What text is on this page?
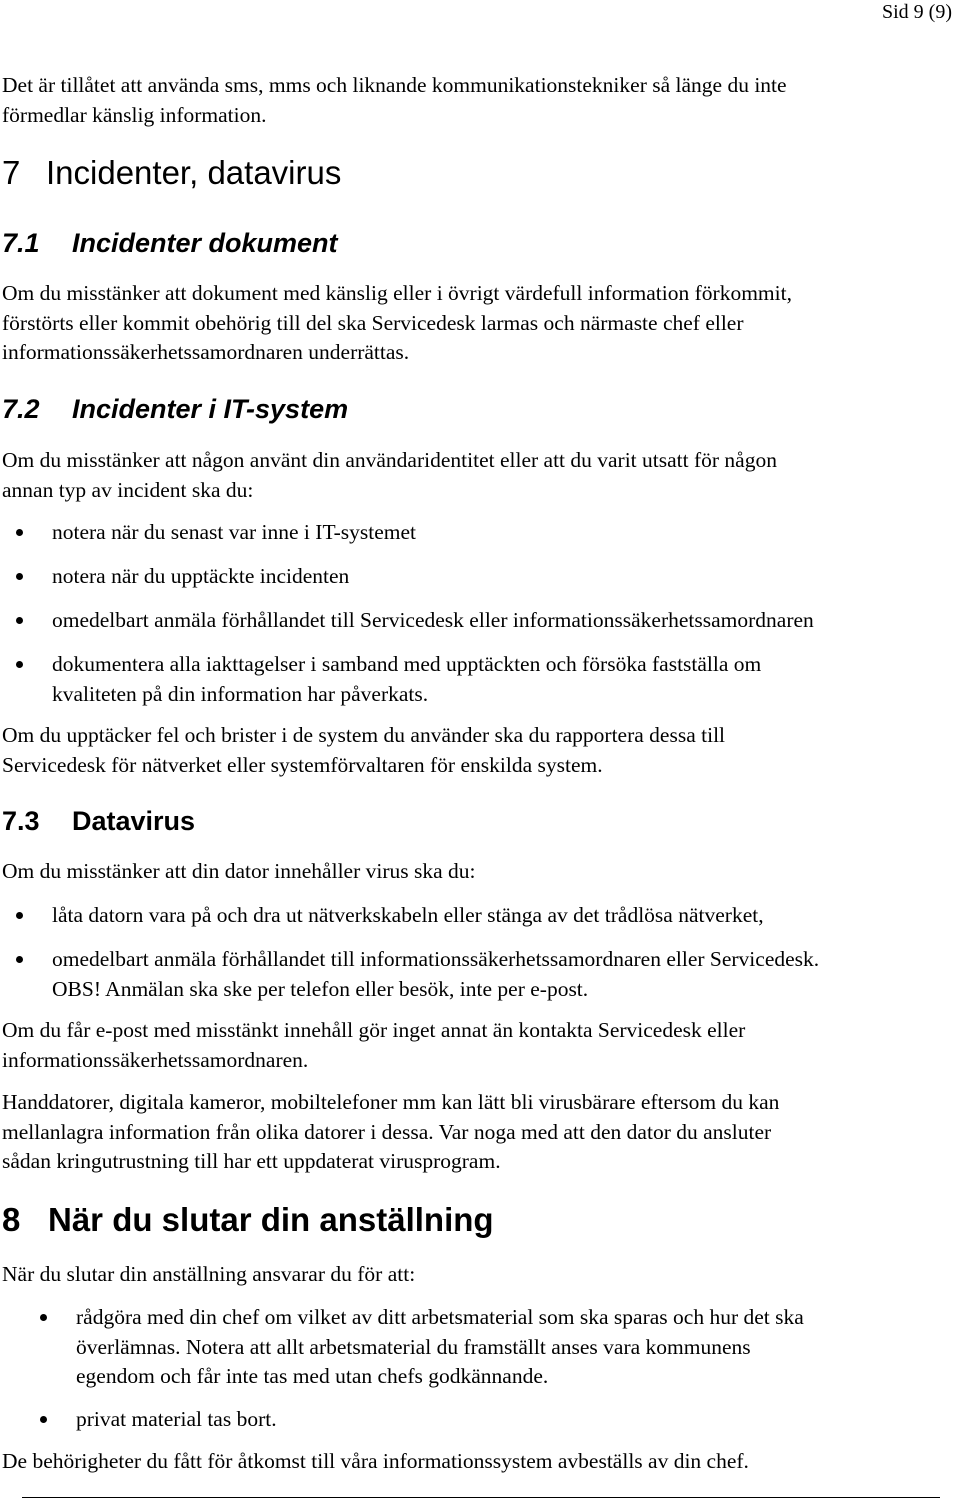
Sid 9 (9)

Det är tillåtet att använda sms, mms och liknande kommunikationstekniker så länge du inte

förmedlar känslig information.

7 Incidenter, datavirus

7.1 Incidenter dokument

Om du misstänker att dokument med känslig eller i övrigt värdefull information förkommit,

förstörts eller kommit obehörig till del ska Servicedesk larmas och närmaste chef eller

informationssäkerhetssamordnaren underrättas.

7.2 Incidenter i IT-system

Om du misstänker att någon använt din användaridentitet eller att du varit utsatt för någon

annan typ av incident ska du:

notera när du senast var inne i IT-systemet
notera när du upptäckte incidenten
omedelbart anmäla förhållandet till Servicedesk eller informationssäkerhetssamordnaren
dokumentera alla iakttagelser i samband med upptäckten och försöka fastställa om
kvaliteten på din information har påverkats.

Om du upptäcker fel och brister i de system du använder ska du rapportera dessa till

Servicedesk för nätverket eller systemförvaltaren för enskilda system.

7.3 Datavirus

Om du misstänker att din dator innehåller virus ska du:

låta datorn vara på och dra ut nätverkskabeln eller stänga av det trådlösa nätverket,
omedelbart anmäla förhållandet till informationssäkerhetssamordnaren eller Servicedesk.
OBS! Anmälan ska ske per telefon eller besök, inte per e-post.

Om du får e-post med misstänkt innehåll gör inget annat än kontakta Servicedesk eller

informationssäkerhetssamordnaren.

Handdatorer, digitala kameror, mobiltelefoner mm kan lätt bli virusbärare eftersom du kan

mellanlagra information från olika datorer i dessa. Var noga med att den dator du ansluter

sådan kringutrustning till har ett uppdaterat virusprogram.

8 När du slutar din anställning

När du slutar din anställning ansvarar du för att:

rådgöra med din chef om vilket av ditt arbetsmaterial som ska sparas och hur det ska
överlämnas. Notera att allt arbetsmaterial du framställt anses vara kommunens
egendom och får inte tas med utan chefs godkännande.
privat material tas bort.

De behörigheter du fått för åtkomst till våra informationssystem avbeställs av din chef.
